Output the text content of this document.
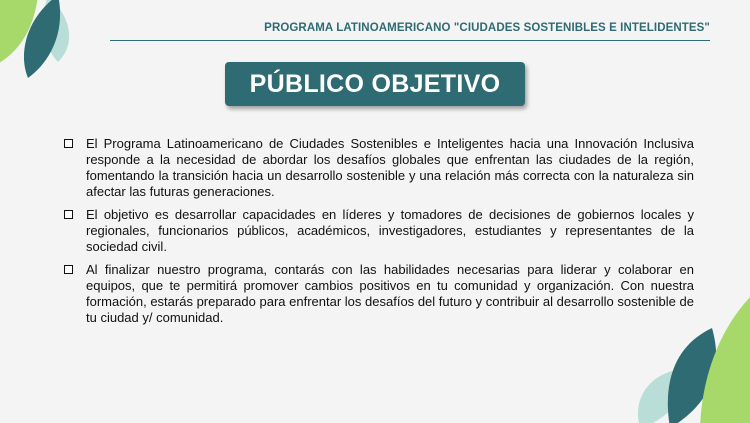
PROGRAMA LATINOAMERICANO "CIUDADES SOSTENIBLES E INTELIDENTES"
PÚBLICO OBJETIVO
El Programa Latinoamericano de Ciudades Sostenibles e Inteligentes hacia una Innovación Inclusiva responde a la necesidad de abordar los desafíos globales que enfrentan las ciudades de la región, fomentando la transición hacia un desarrollo sostenible y una relación más correcta con la naturaleza sin afectar las futuras generaciones.
El objetivo es desarrollar capacidades en líderes y tomadores de decisiones de gobiernos locales y regionales, funcionarios públicos, académicos, investigadores, estudiantes y representantes de la sociedad civil.
Al finalizar nuestro programa, contarás con las habilidades necesarias para liderar y colaborar en equipos, que te permitirá promover cambios positivos en tu comunidad y organización. Con nuestra formación, estarás preparado para enfrentar los desafíos del futuro y contribuir al desarrollo sostenible de tu ciudad y/ comunidad.
